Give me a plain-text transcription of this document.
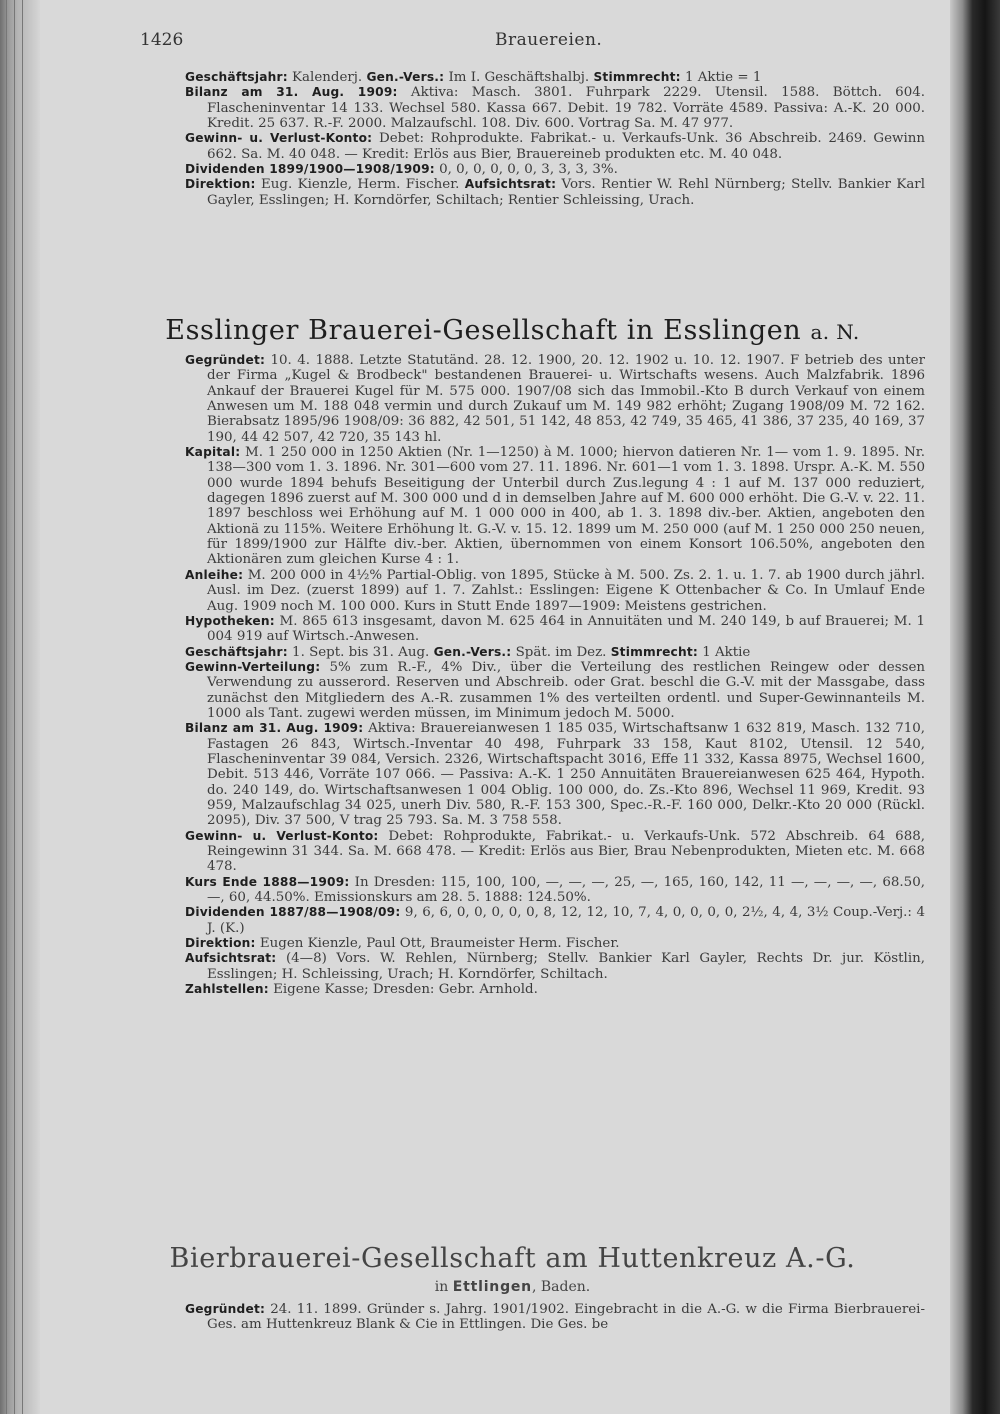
1426	Brauereien.

Geschäftsjahr: Kalenderj. Gen.-Vers.: Im I. Geschäftshalbj. Stimmrecht: 1 Aktie = 1

Bilanz am 31. Aug. 1909: Aktiva: Masch. 3801. Fuhrpark 2229. Utensil. 1588. Böttch. 604. Flascheninventar 14 133. Wechsel 580. Kassa 667. Debit. 19 782. Vorräte 4589. Passiva: A.-K. 20 000. Kredit. 25 637. R.-F. 2000. Malzaufschl. 108. Div. 600. Vortrag Sa. M. 47 977.

Gewinn- u. Verlust-Konto: Debet: Rohprodukte. Fabrikat.- u. Verkaufs-Unk. 36 Abschreib. 2469. Gewinn 662. Sa. M. 40 048. — Kredit: Erlös aus Bier, Brauereineb produkten etc. M. 40 048.

Dividenden 1899/1900—1908/1909: 0, 0, 0, 0, 0, 0, 3, 3, 3, 3%.

Direktion: Eug. Kienzle, Herm. Fischer. Aufsichtsrat: Vors. Rentier W. Rehl Nürnberg; Stellv. Bankier Karl Gayler, Esslingen; H. Korndörfer, Schiltach; Rentier Schleissing, Urach.

Esslinger Brauerei-Gesellschaft in Esslingen a. N.

Gegründet: 10. 4. 1888. Letzte Statutänd. 28. 12. 1900, 20. 12. 1902 u. 10. 12. 1907. F betrieb des unter der Firma „Kugel & Brodbeck" bestandenen Brauerei- u. Wirtschafts wesens. Auch Malzfabrik. 1896 Ankauf der Brauerei Kugel für M. 575 000. 1907/08 sich das Immobil.-Kto B durch Verkauf von einem Anwesen um M. 188 048 vermin und durch Zukauf um M. 149 982 erhöht; Zugang 1908/09 M. 72 162. Bierabsatz 1895/96 1908/09: 36 882, 42 501, 51 142, 48 853, 42 749, 35 465, 41 386, 37 235, 40 169, 37 190, 44 42 507, 42 720, 35 143 hl.

Kapital: M. 1 250 000 in 1250 Aktien (Nr. 1—1250) à M. 1000; hiervon datieren Nr. 1— vom 1. 9. 1895. Nr. 138—300 vom 1. 3. 1896. Nr. 301—600 vom 27. 11. 1896. Nr. 601—1 vom 1. 3. 1898. Urspr. A.-K. M. 550 000 wurde 1894 behufs Beseitigung der Unterbil durch Zus.legung 4 : 1 auf M. 137 000 reduziert, dagegen 1896 zuerst auf M. 300 000 und d in demselben Jahre auf M. 600 000 erhöht. Die G.-V. v. 22. 11. 1897 beschloss wei Erhöhung auf M. 1 000 000 in 400, ab 1. 3. 1898 div.-ber. Aktien, angeboten den Aktionä zu 115%. Weitere Erhöhung lt. G.-V. v. 15. 12. 1899 um M. 250 000 (auf M. 1 250 000 250 neuen, für 1899/1900 zur Hälfte div.-ber. Aktien, übernommen von einem Konsort 106.50%, angeboten den Aktionären zum gleichen Kurse 4 : 1.

Anleihe: M. 200 000 in 4½% Partial-Oblig. von 1895, Stücke à M. 500. Zs. 2. 1. u. 1. 7. ab 1900 durch jährl. Ausl. im Dez. (zuerst 1899) auf 1. 7. Zahlst.: Esslingen: Eigene K Ottenbacher & Co. In Umlauf Ende Aug. 1909 noch M. 100 000. Kurs in Stutt Ende 1897—1909: Meistens gestrichen.

Hypotheken: M. 865 613 insgesamt, davon M. 625 464 in Annuitäten und M. 240 149, b auf Brauerei; M. 1 004 919 auf Wirtsch.-Anwesen.

Geschäftsjahr: 1. Sept. bis 31. Aug. Gen.-Vers.: Spät. im Dez. Stimmrecht: 1 Aktie

Gewinn-Verteilung: 5% zum R.-F., 4% Div., über die Verteilung des restlichen Reingew oder dessen Verwendung zu ausserord. Reserven und Abschreib. oder Grat. beschl die G.-V. mit der Massgabe, dass zunächst den Mitgliedern des A.-R. zusammen 1% des verteilten ordentl. und Super-Gewinnanteils M. 1000 als Tant. zugewi werden müssen, im Minimum jedoch M. 5000.

Bilanz am 31. Aug. 1909: Aktiva: Brauereianwesen 1 185 035, Wirtschaftsanw 1 632 819, Masch. 132 710, Fastagen 26 843, Wirtsch.-Inventar 40 498, Fuhrpark 33 158, Kaut 8102, Utensil. 12 540, Flascheninventar 39 084, Versich. 2326, Wirtschaftspacht 3016, Effe 11 332, Kassa 8975, Wechsel 1600, Debit. 513 446, Vorräte 107 066. — Passiva: A.-K. 1 250 Annuitäten Brauereianwesen 625 464, Hypoth. do. 240 149, do. Wirtschaftsanwesen 1 004 Oblig. 100 000, do. Zs.-Kto 896, Wechsel 11 969, Kredit. 93 959, Malzaufschlag 34 025, unerh Div. 580, R.-F. 153 300, Spec.-R.-F. 160 000, Delkr.-Kto 20 000 (Rückl. 2095), Div. 37 500, V trag 25 793. Sa. M. 3 758 558.

Gewinn- u. Verlust-Konto: Debet: Rohprodukte, Fabrikat.- u. Verkaufs-Unk. 572 Abschreib. 64 688, Reingewinn 31 344. Sa. M. 668 478. — Kredit: Erlös aus Bier, Brau Nebenprodukten, Mieten etc. M. 668 478.

Kurs Ende 1888—1909: In Dresden: 115, 100, 100, —, —, —, 25, —, 165, 160, 142, 11 —, —, —, —, 68.50, —, 60, 44.50%. Emissionskurs am 28. 5. 1888: 124.50%.

Dividenden 1887/88—1908/09: 9, 6, 6, 0, 0, 0, 0, 0, 8, 12, 12, 10, 7, 4, 0, 0, 0, 0, 2½, 4, 4, 3½ Coup.-Verj.: 4 J. (K.)

Direktion: Eugen Kienzle, Paul Ott, Braumeister Herm. Fischer.

Aufsichtsrat: (4—8) Vors. W. Rehlen, Nürnberg; Stellv. Bankier Karl Gayler, Rechts Dr. jur. Köstlin, Esslingen; H. Schleissing, Urach; H. Korndörfer, Schiltach.

Zahlstellen: Eigene Kasse; Dresden: Gebr. Arnhold.

Bierbrauerei-Gesellschaft am Huttenkreuz A.-G.
in Ettlingen, Baden.

Gegründet: 24. 11. 1899. Gründer s. Jahrg. 1901/1902. Eingebracht in die A.-G. w die Firma Bierbrauerei-Ges. am Huttenkreuz Blank & Cie in Ettlingen. Die Ges. be
